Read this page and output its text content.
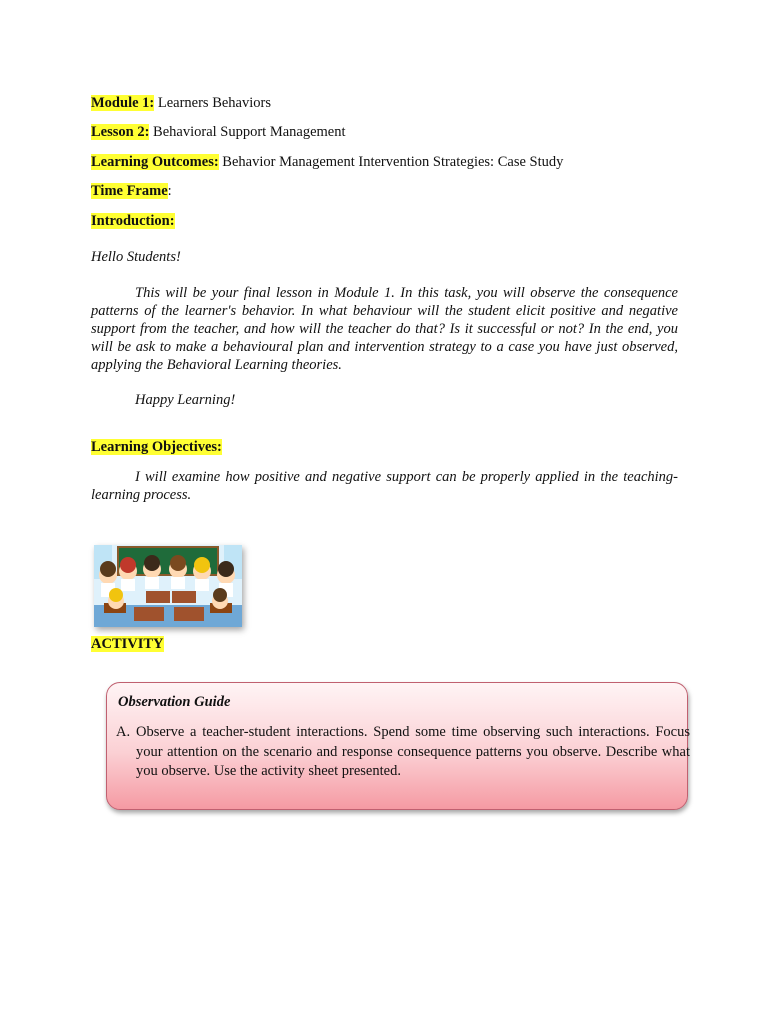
Module 1: Learners Behaviors
Lesson 2: Behavioral Support Management
Learning Outcomes: Behavior Management Intervention Strategies: Case Study
Time Frame:
Introduction:
Hello Students!
This will be your final lesson in Module 1. In this task, you will observe the consequence patterns of the learner's behavior. In what behaviour will the student elicit positive and negative support from the teacher, and how will the teacher do that? Is it successful or not? In the end, you will be ask to make a behavioural plan and intervention strategy to a case you have just observed, applying the Behavioral Learning theories.
Happy Learning!
Learning Objectives:
I will examine how positive and negative support can be properly applied in the teaching-learning process.
ACTIVITY
Observation Guide
A. Observe a teacher-student interactions. Spend some time observing such interactions. Focus your attention on the scenario and response consequence patterns you observe. Describe what you observe. Use the activity sheet presented.
